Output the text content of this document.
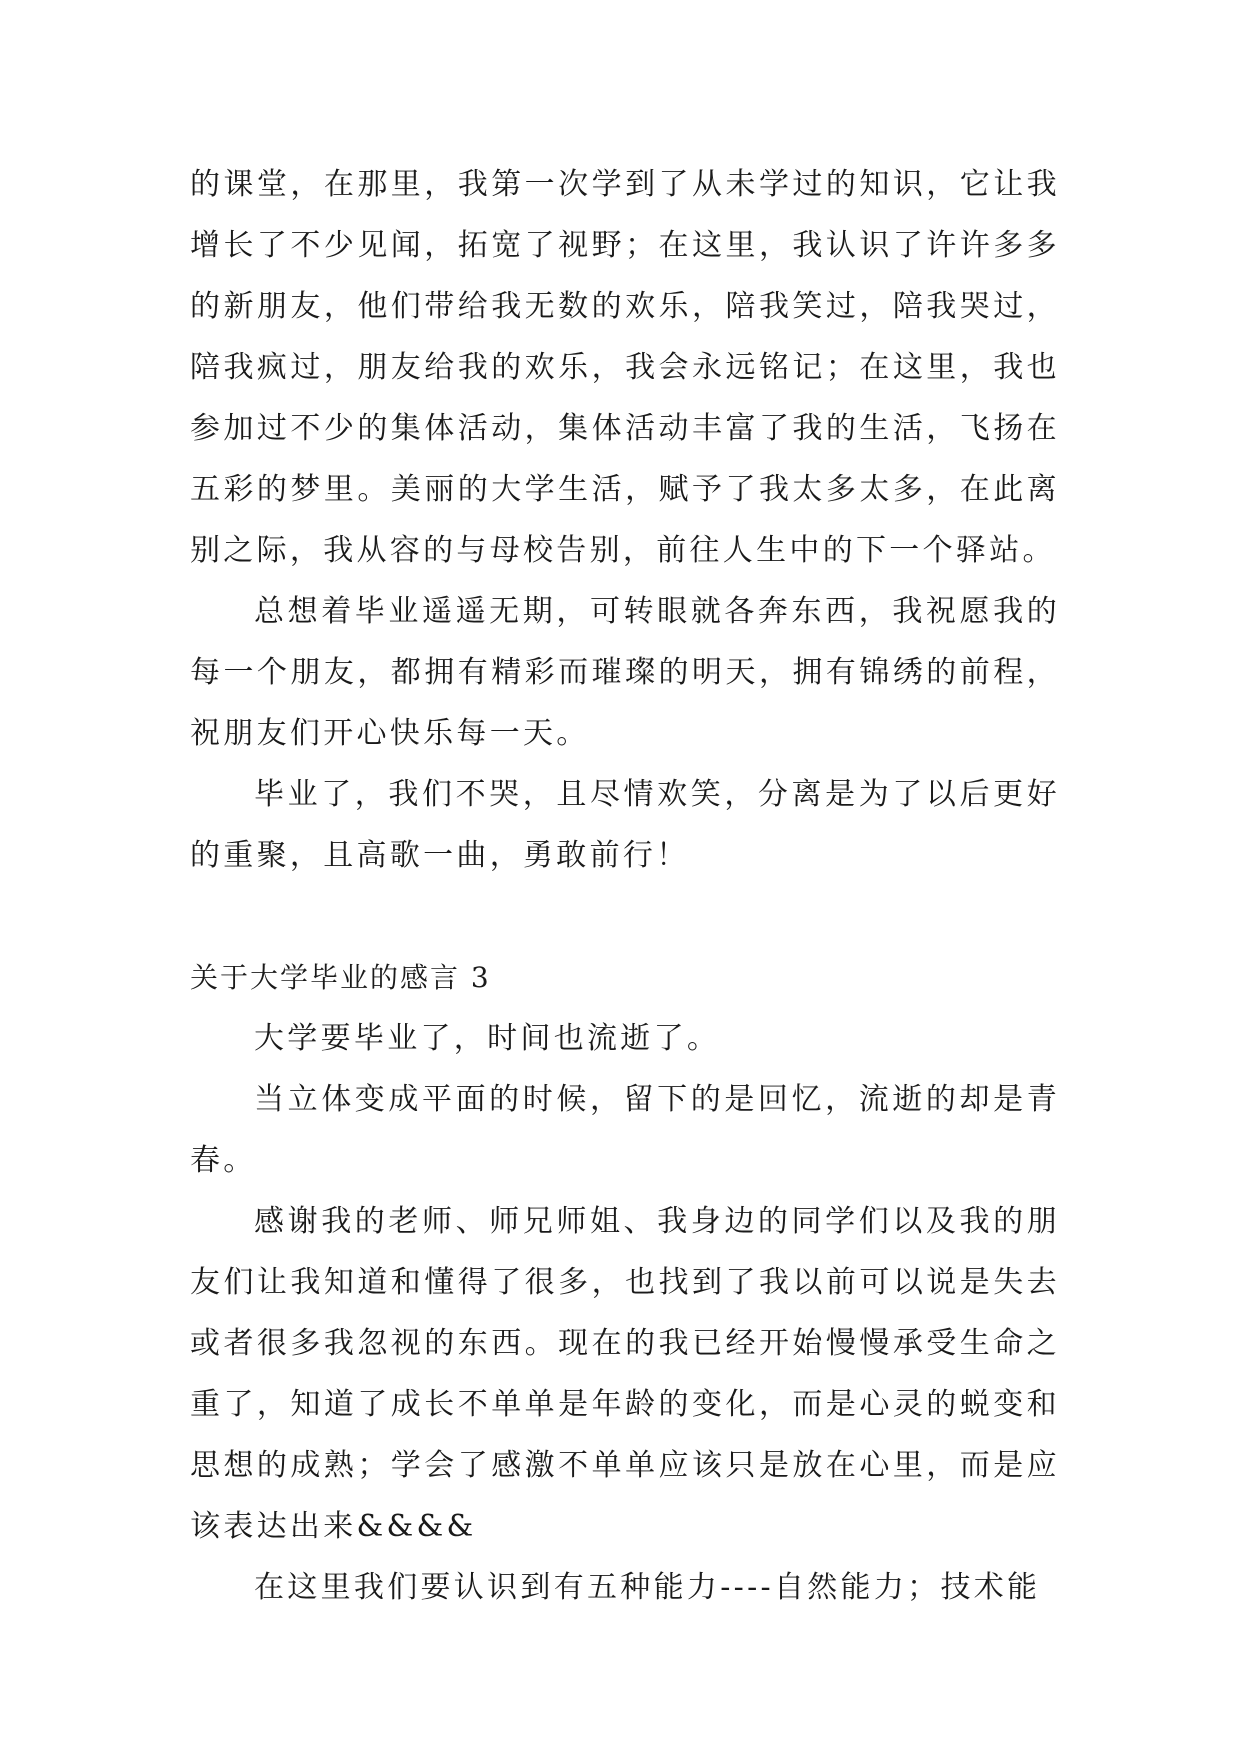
的课堂，在那里，我第一次学到了从未学过的知识，它让我增长了不少见闻，拓宽了视野；在这里，我认识了许许多多的新朋友，他们带给我无数的欢乐，陪我笑过，陪我哭过，陪我疯过，朋友给我的欢乐，我会永远铭记；在这里，我也参加过不少的集体活动，集体活动丰富了我的生活，飞扬在五彩的梦里。美丽的大学生活，赋予了我太多太多，在此离别之际，我从容的与母校告别，前往人生中的下一个驿站。

总想着毕业遥遥无期，可转眼就各奔东西，我祝愿我的每一个朋友，都拥有精彩而璀璨的明天，拥有锦绣的前程，祝朋友们开心快乐每一天。

毕业了，我们不哭，且尽情欢笑，分离是为了以后更好的重聚，且高歌一曲，勇敢前行！

关于大学毕业的感言 3

大学要毕业了，时间也流逝了。

当立体变成平面的时候，留下的是回忆，流逝的却是青春。

感谢我的老师、师兄师姐、我身边的同学们以及我的朋友们让我知道和懂得了很多，也找到了我以前可以说是失去或者很多我忽视的东西。现在的我已经开始慢慢承受生命之重了，知道了成长不单单是年龄的变化，而是心灵的蜕变和思想的成熟；学会了感激不单单应该只是放在心里，而是应该表达出来&&&&

在这里我们要认识到有五种能力----自然能力；技术能
